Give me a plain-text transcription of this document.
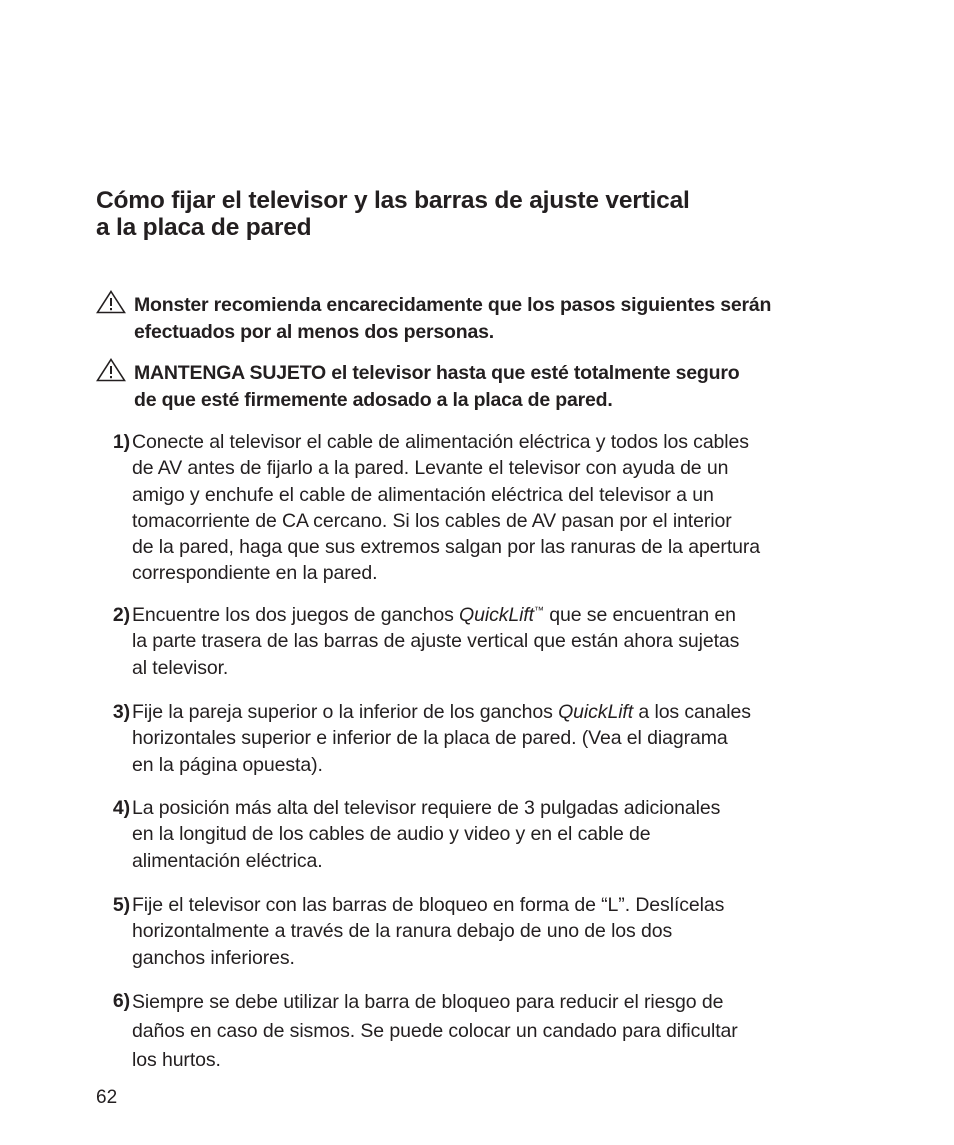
Cómo fijar el televisor y las barras de ajuste vertical
a la placa de pared
Monster recomienda encarecidamente que los pasos siguientes serán
efectuados por al menos dos personas.
MANTENGA SUJETO el televisor hasta que esté totalmente seguro
de que esté firmemente adosado a la placa de pared.
1) Conecte al televisor el cable de alimentación eléctrica y todos los cables
de AV antes de fijarlo a la pared. Levante el televisor con ayuda de un
amigo y enchufe el cable de alimentación eléctrica del televisor a un
tomacorriente de CA cercano. Si los cables de AV pasan por el interior
de la pared, haga que sus extremos salgan por las ranuras de la apertura
correspondiente en la pared.
2) Encuentre los dos juegos de ganchos QuickLift™ que se encuentran en
la parte trasera de las barras de ajuste vertical que están ahora sujetas
al televisor.
3) Fije la pareja superior o la inferior de los ganchos QuickLift a los canales
horizontales superior e inferior de la placa de pared. (Vea el diagrama
en la página opuesta).
4) La posición más alta del televisor requiere de 3 pulgadas adicionales
en la longitud de los cables de audio y video y en el cable de
alimentación eléctrica.
5) Fije el televisor con las barras de bloqueo en forma de “L”. Deslícelas
horizontalmente a través de la ranura debajo de uno de los dos
ganchos inferiores.
6) Siempre se debe utilizar la barra de bloqueo para reducir el riesgo de
daños en caso de sismos. Se puede colocar un candado para dificultar
los hurtos.
62
